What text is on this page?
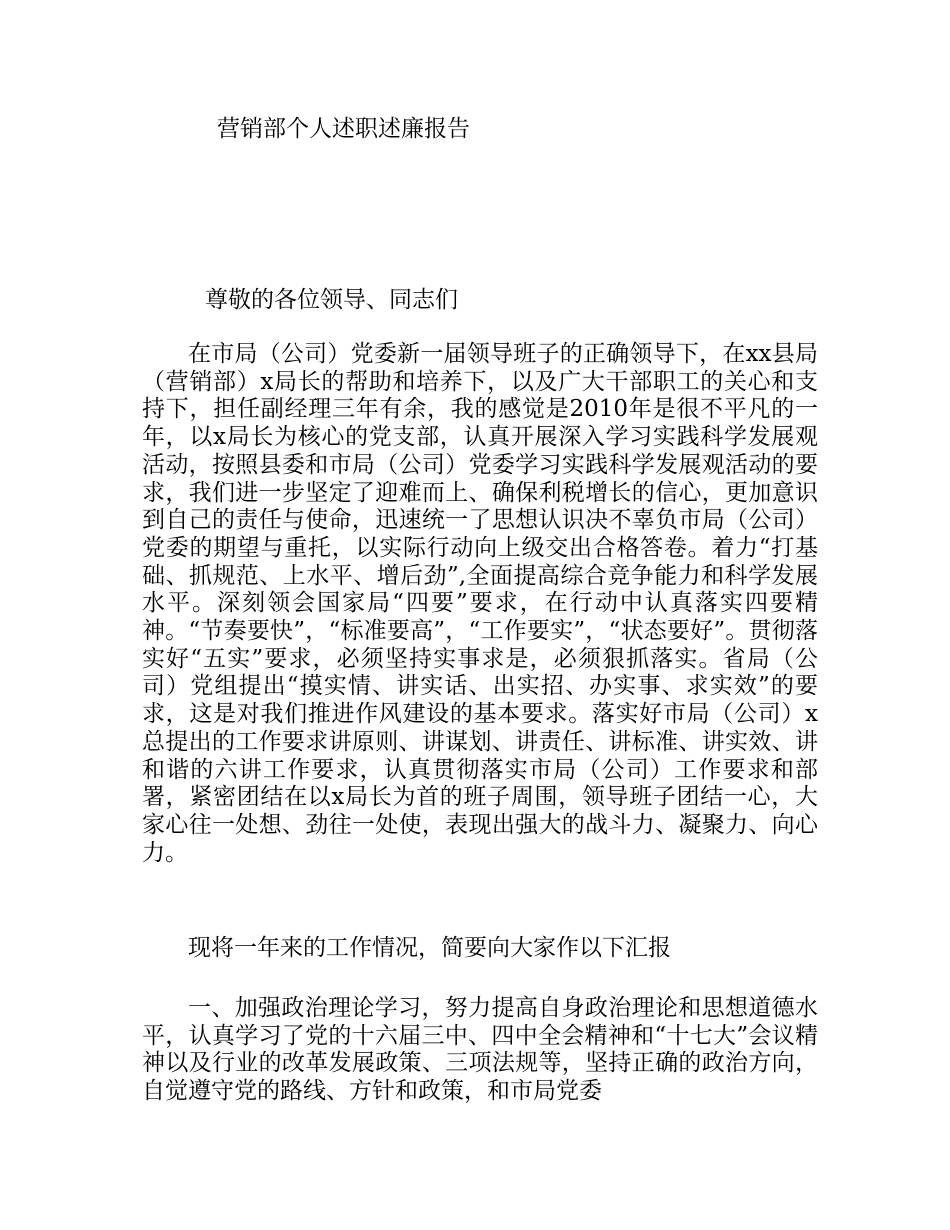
营销部个人述职述廉报告

尊敬的各位领导、同志们

在市局（公司）党委新一届领导班子的正确领导下，在xx县局（营销部）x局长的帮助和培养下，以及广大干部职工的关心和支持下，担任副经理三年有余，我的感觉是2010年是很不平凡的一年，以x局长为核心的党支部，认真开展深入学习实践科学发展观活动，按照县委和市局（公司）党委学习实践科学发展观活动的要求，我们进一步坚定了迎难而上、确保利税增长的信心，更加意识到自己的责任与使命，迅速统一了思想认识决不辜负市局（公司）党委的期望与重托，以实际行动向上级交出合格答卷。着力“打基础、抓规范、上水平、增后劲”,全面提高综合竞争能力和科学发展水平。深刻领会国家局“四要”要求，在行动中认真落实四要精神。“节奏要快”，“标准要高”，“工作要实”，“状态要好”。贯彻落实好“五实”要求，必须坚持实事求是，必须狠抓落实。省局（公司）党组提出“摸实情、讲实话、出实招、办实事、求实效”的要求，这是对我们推进作风建设的基本要求。落实好市局（公司）x总提出的工作要求讲原则、讲谋划、讲责任、讲标准、讲实效、讲和谐的六讲工作要求，认真贯彻落实市局（公司）工作要求和部署，紧密团结在以x局长为首的班子周围，领导班子团结一心，大家心往一处想、劲往一处使，表现出强大的战斗力、凝聚力、向心力。

现将一年来的工作情况，简要向大家作以下汇报

一、加强政治理论学习，努力提高自身政治理论和思想道德水平，认真学习了党的十六届三中、四中全会精神和“十七大”会议精神以及行业的改革发展政策、三项法规等，坚持正确的政治方向，自觉遵守党的路线、方针和政策，和市局党委
